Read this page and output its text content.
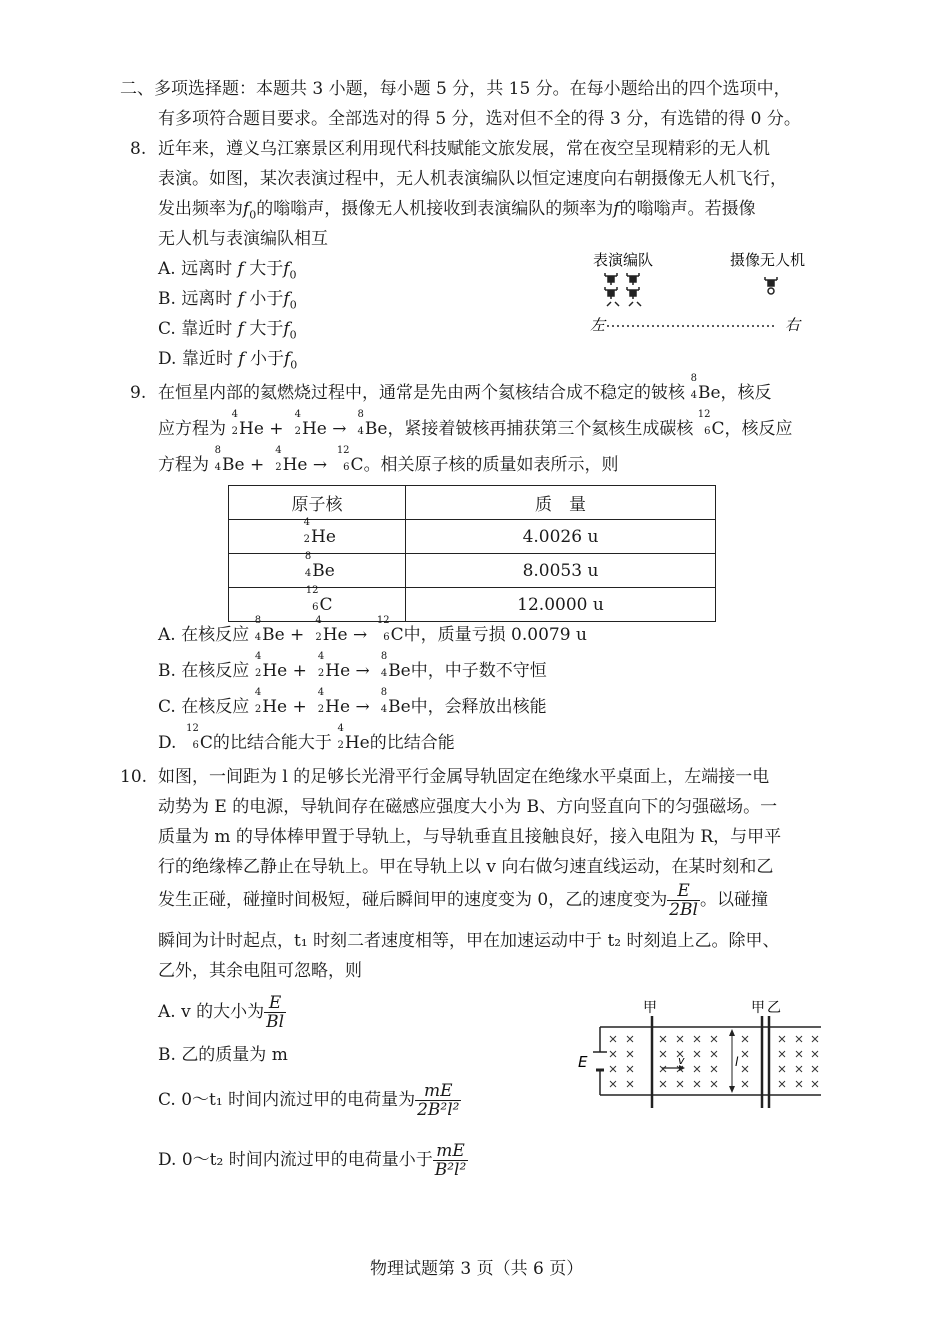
二、多项选择题：本题共 3 小题，每小题 5 分，共 15 分。在每小题给出的四个选项中，
有多项符合题目要求。全部选对的得 5 分，选对但不全的得 3 分，有选错的得 0 分。
8. 近年来，遵义乌江寨景区利用现代科技赋能文旅发展，常在夜空呈现精彩的无人机
表演。如图，某次表演过程中，无人机表演编队以恒定速度向右朝摄像无人机飞行，
发出频率为$f_0$的嗡嗡声，摄像无人机接收到表演编队的频率为f的嗡嗡声。若摄像
无人机与表演编队相互
A. 远离时 f 大于$f_0$
B. 远离时 f 小于$f_0$
C. 靠近时 f 大于$f_0$
D. 靠近时 f 小于$f_0$
表演编队	摄像无人机
左	右
9. 在恒星内部的氦燃烧过程中，通常是先由两个氦核结合成不稳定的铍核
8
4 Be，核反
应方程为
4
2 He +
4
2 He →
8
4 Be，紧接着铍核再捕获第三个氦核生成碳核
12
6 C，核反应
方程为
8
4 Be +
4
2 He →
12
6 C。相关原子核的质量如表所示，则
原子核	质　量

4
2 He	4.0026 u

8
4 Be	8.0053 u

12
6 C	12.0000 u
A. 在核反应
8
4 Be +
4
2 He →
12
6 C中，质量亏损 0.0079 u
B. 在核反应
4
2 He +
4
2 He →
8
4 Be中，中子数不守恒
C. 在核反应
4
2 He +
4
2 He →
8
4 Be中，会释放出核能
D.
12
6 C的比结合能大于
4
2 He的比结合能
10. 如图，一间距为 l 的足够长光滑平行金属导轨固定在绝缘水平桌面上，左端接一电
动势为 E 的电源，导轨间存在磁感应强度大小为 B、方向竖直向下的匀强磁场。一
质量为 m 的导体棒甲置于导轨上，与导轨垂直且接触良好，接入电阻为 R，与甲平
行的绝缘棒乙静止在导轨上。甲在导轨上以 v 向右做匀速直线运动，在某时刻和乙
发生正碰，碰撞时间极短，碰后瞬间甲的速度变为 0，乙的速度变为 $\frac{E}{2Bl}$ 。以碰撞
瞬间为计时起点，t₁ 时刻二者速度相等，甲在加速运动中于 t₂ 时刻追上乙。除甲、
乙外，其余电阻可忽略，则
A. v 的大小为 $\frac{E}{Bl}$
B. 乙的质量为 m
C. 0～t₁ 时间内流过甲的电荷量为 $\frac{mE}{\text{2B²l²}}$
D. 0～t₂ 时间内流过甲的电荷量小于 $\frac{mE}{\text{B²l²}}$
甲	甲 乙
E	v	l
物理试题第 3 页（共 6 页）
